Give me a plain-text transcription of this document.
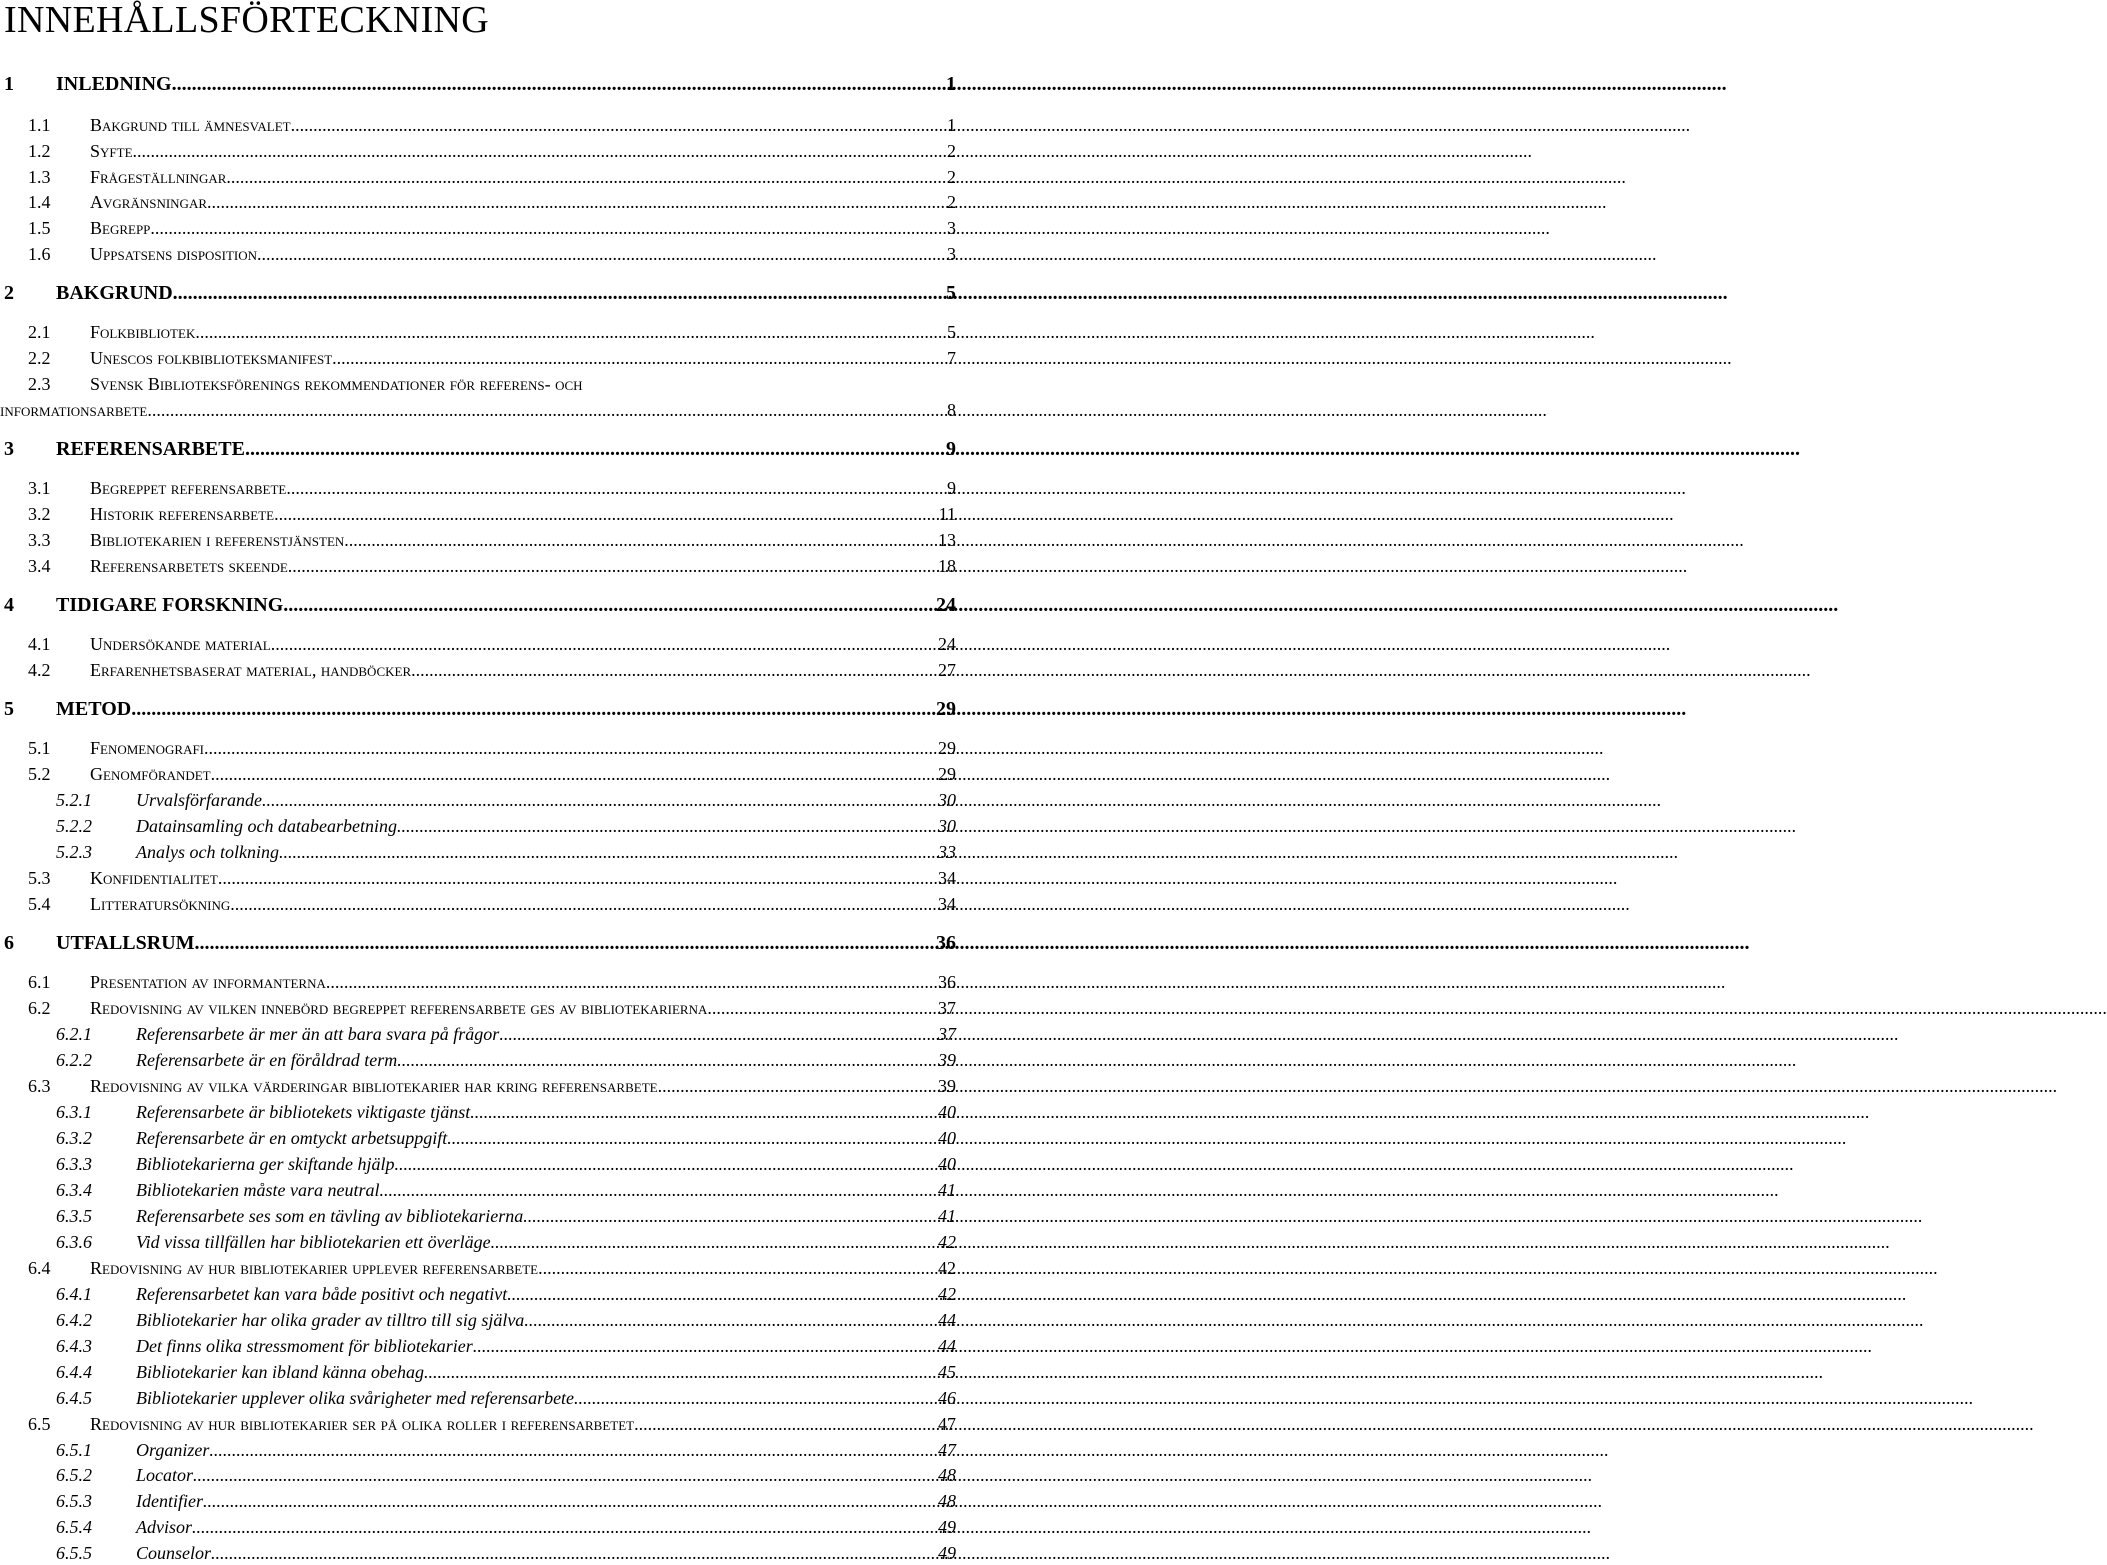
INNEHÅLLSFÖRTECKNING
1	INLEDNING .....	1
1.1	Bakgrund till ämnesvalet .....	1
1.2	Syfte .....	2
1.3	Frågeställningar .....	2
1.4	Avgränsningar .....	2
1.5	Begrepp .....	3
1.6	Uppsatsens disposition .....	3
2	BAKGRUND .....	5
2.1	Folkbibliotek .....	5
2.2	Unescos folkbiblioteksmanifest .....	7
2.3	Svensk Biblioteksförenings rekommendationer för referens- och
informationsarbete .....	8
3	REFERENSARBETE .....	9
3.1	Begreppet referensarbete .....	9
3.2	Historik referensarbete .....	11
3.3	Bibliotekarien i referenstjänsten .....	13
3.4	Referensarbetets skeende .....	18
4	TIDIGARE FORSKNING .....	24
4.1	Undersökande material .....	24
4.2	Erfarenhetsbaserat material, handböcker .....	27
5	METOD .....	29
5.1	Fenomenografi .....	29
5.2	Genomförandet .....	29
5.2.1	Urvalsförfarande .....	30
5.2.2	Datainsamling och databearbetning .....	30
5.2.3	Analys och tolkning .....	33
5.3	Konfidentialitet .....	34
5.4	Litteratursökning .....	34
6	UTFALLSRUM .....	36
6.1	Presentation av informanterna .....	36
6.2	Redovisning av vilken innebörd begreppet referensarbete ges av bibliotekarierna .....	37
6.2.1	Referensarbete är mer än att bara svara på frågor .....	37
6.2.2	Referensarbete är en föråldrad term .....	39
6.3	Redovisning av vilka värderingar bibliotekarier har kring referensarbete .....	39
6.3.1	Referensarbete är bibliotekets viktigaste tjänst .....	40
6.3.2	Referensarbete är en omtyckt arbetsuppgift .....	40
6.3.3	Bibliotekarierna ger skiftande hjälp .....	40
6.3.4	Bibliotekarien måste vara neutral .....	41
6.3.5	Referensarbete ses som en tävling av bibliotekarierna .....	41
6.3.6	Vid vissa tillfällen har bibliotekarien ett överläge .....	42
6.4	Redovisning av hur bibliotekarier upplever referensarbete .....	42
6.4.1	Referensarbetet kan vara både positivt och negativt .....	42
6.4.2	Bibliotekarier har olika grader av tilltro till sig själva .....	44
6.4.3	Det finns olika stressmoment för bibliotekarier .....	44
6.4.4	Bibliotekarier kan ibland känna obehag .....	45
6.4.5	Bibliotekarier upplever olika svårigheter med referensarbete .....	46
6.5	Redovisning av hur bibliotekarier ser på olika roller i referensarbetet .....	47
6.5.1	Organizer .....	47
6.5.2	Locator .....	48
6.5.3	Identifier .....	48
6.5.4	Advisor .....	49
6.5.5	Counselor .....	49
